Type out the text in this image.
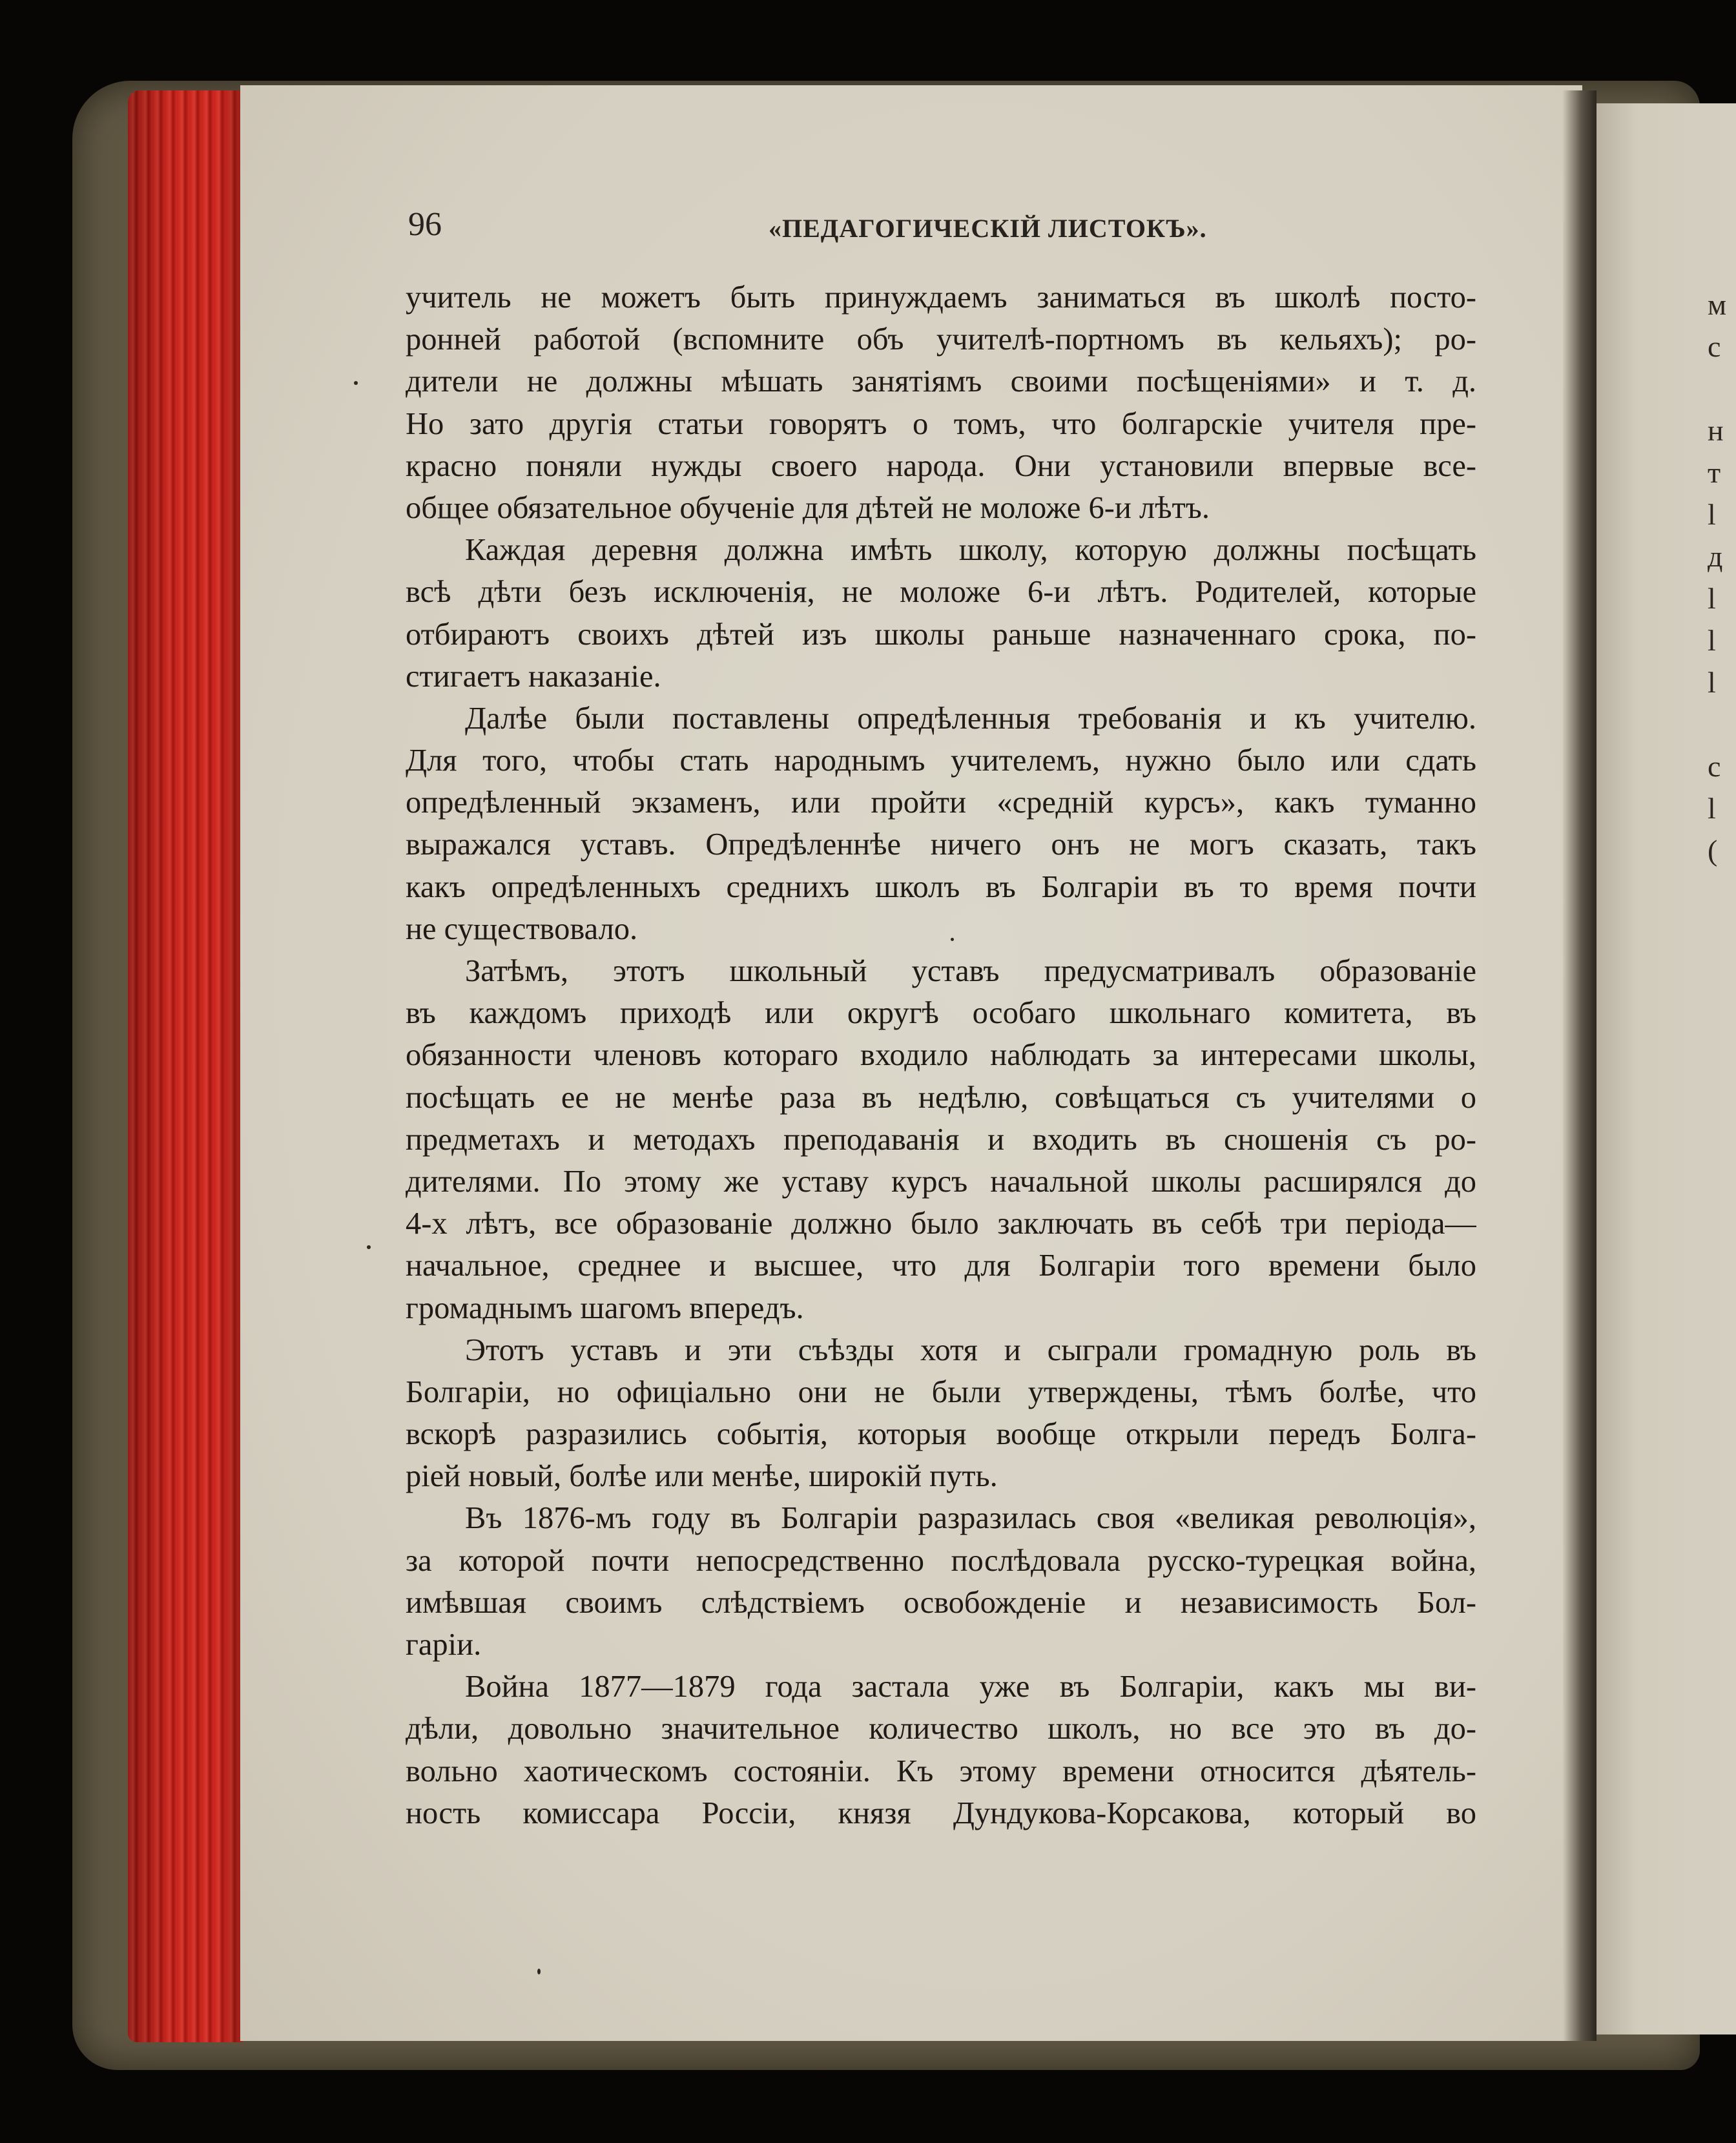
м
с
н
т
l
д
l
l
l
с
l
(
96	«ПЕДАГОГИЧЕСКІЙ ЛИСТОКЪ».
учитель не можетъ быть принуждаемъ заниматься въ школѣ посто-
ронней работой (вспомните объ учителѣ-портномъ въ кельяхъ); ро-
дители не должны мѣшать занятіямъ своими посѣщеніями» и т. д.
Но зато другія статьи говорятъ о томъ, что болгарскіе учителя пре-
красно поняли нужды своего народа. Они установили впервые все-
общее обязательное обученіе для дѣтей не моложе 6-и лѣтъ.
Каждая деревня должна имѣть школу, которую должны посѣщать
всѣ дѣти безъ исключенія, не моложе 6-и лѣтъ. Родителей, которые
отбираютъ своихъ дѣтей изъ школы раньше назначеннаго срока, по-
стигаетъ наказаніе.
Далѣе были поставлены опредѣленныя требованія и къ учителю.
Для того, чтобы стать народнымъ учителемъ, нужно было или сдать
опредѣленный экзаменъ, или пройти «среднiй курсъ», какъ туманно
выражался уставъ. Опредѣленнѣе ничего онъ не могъ сказать, такъ
какъ опредѣленныхъ среднихъ школъ въ Болгаріи въ то время почти
не существовало.
Затѣмъ, этотъ школьный уставъ предусматривалъ образованіе
въ каждомъ приходѣ или округѣ особаго школьнаго комитета, въ
обязанности членовъ котораго входило наблюдать за интересами школы,
посѣщать ее не менѣе раза въ недѣлю, совѣщаться съ учителями о
предметахъ и методахъ преподаванія и входить въ сношенія съ ро-
дителями. По этому же уставу курсъ начальной школы расширялся до
4-х лѣтъ, все образованіе должно было заключать въ себѣ три періода—
начальное, среднее и высшее, что для Болгаріи того времени было
громаднымъ шагомъ впередъ.
Этотъ уставъ и эти съѣзды хотя и сыграли громадную роль въ
Болгаріи, но офиціально они не были утверждены, тѣмъ болѣе, что
вскорѣ разразились событія, которыя вообще открыли передъ Болга-
ріей новый, болѣе или менѣе, широкій путь.
Въ 1876-мъ году въ Болгаріи разразилась своя «великая революція»,
за которой почти непосредственно послѣдовала русско-турецкая война,
имѣвшая своимъ слѣдствіемъ освобожденіе и независимость Бол-
гаріи.
Война 1877—1879 года застала уже въ Болгаріи, какъ мы ви-
дѣли, довольно значительное количество школъ, но все это въ до-
вольно хаотическомъ состояніи. Къ этому времени относится дѣятель-
ность комиссара Россіи, князя Дундукова-Корсакова, который во
